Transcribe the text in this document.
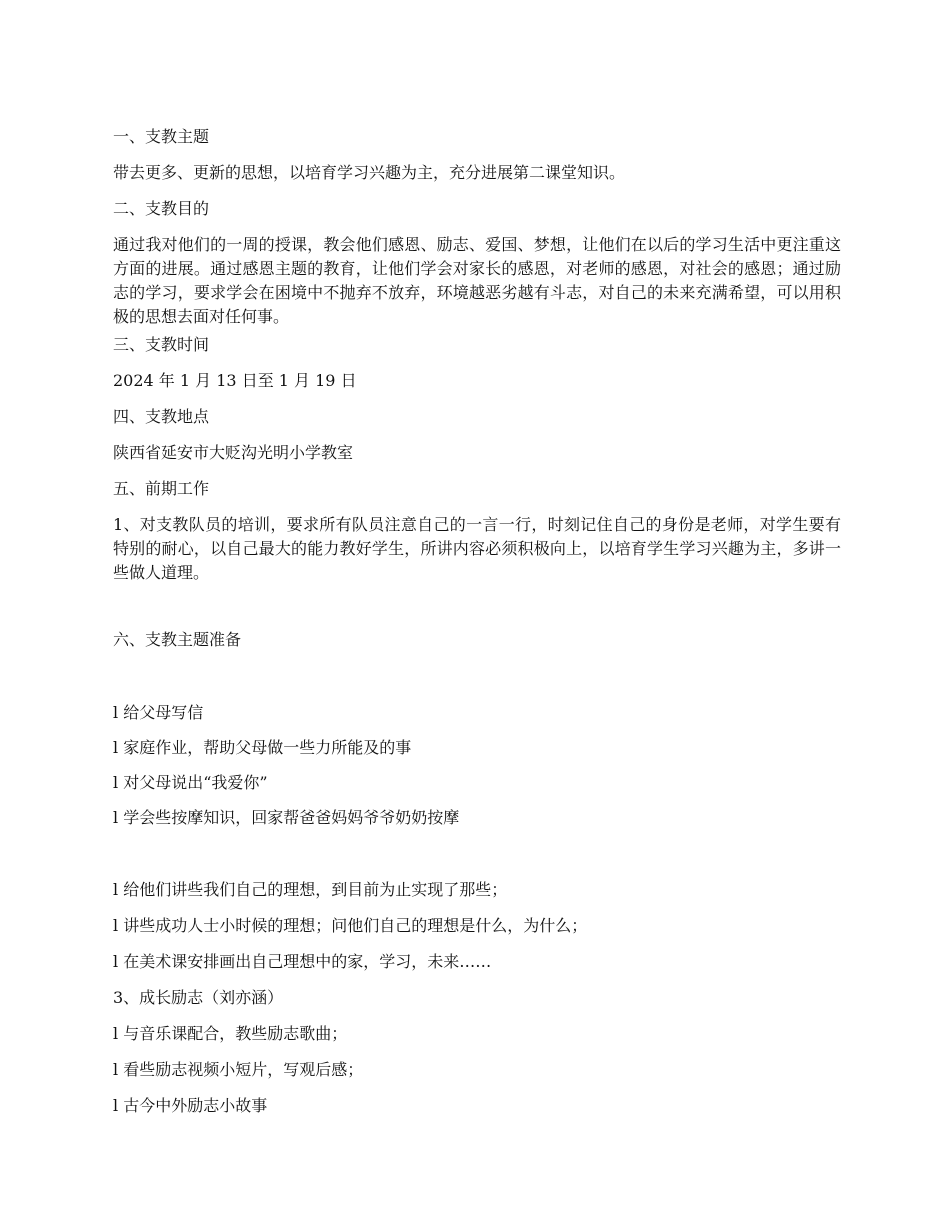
一、支教主题

带去更多、更新的思想，以培育学习兴趣为主，充分进展第二课堂知识。

二、支教目的

通过我对他们的一周的授课，教会他们感恩、励志、爱国、梦想，让他们在以后的学习生活中更注重这方面的进展。通过感恩主题的教育，让他们学会对家长的感恩，对老师的感恩，对社会的感恩；通过励志的学习，要求学会在困境中不抛弃不放弃，环境越恶劣越有斗志，对自己的未来充满希望，可以用积极的思想去面对任何事。

三、支教时间

2024 年 1 月 13 日至 1 月 19 日

四、支教地点

陕西省延安市大贬沟光明小学教室

五、前期工作

1、对支教队员的培训，要求所有队员注意自己的一言一行，时刻记住自己的身份是老师，对学生要有特别的耐心，以自己最大的能力教好学生，所讲内容必须积极向上，以培育学生学习兴趣为主，多讲一些做人道理。

六、支教主题准备

l 给父母写信

l 家庭作业，帮助父母做一些力所能及的事

l 对父母说出“我爱你”

l 学会些按摩知识，回家帮爸爸妈妈爷爷奶奶按摩

l 给他们讲些我们自己的理想，到目前为止实现了那些；

l 讲些成功人士小时候的理想；问他们自己的理想是什么，为什么；

l 在美术课安排画出自己理想中的家，学习，未来……

3、成长励志（刘亦涵）

l 与音乐课配合，教些励志歌曲；

l 看些励志视频小短片，写观后感；

l 古今中外励志小故事
